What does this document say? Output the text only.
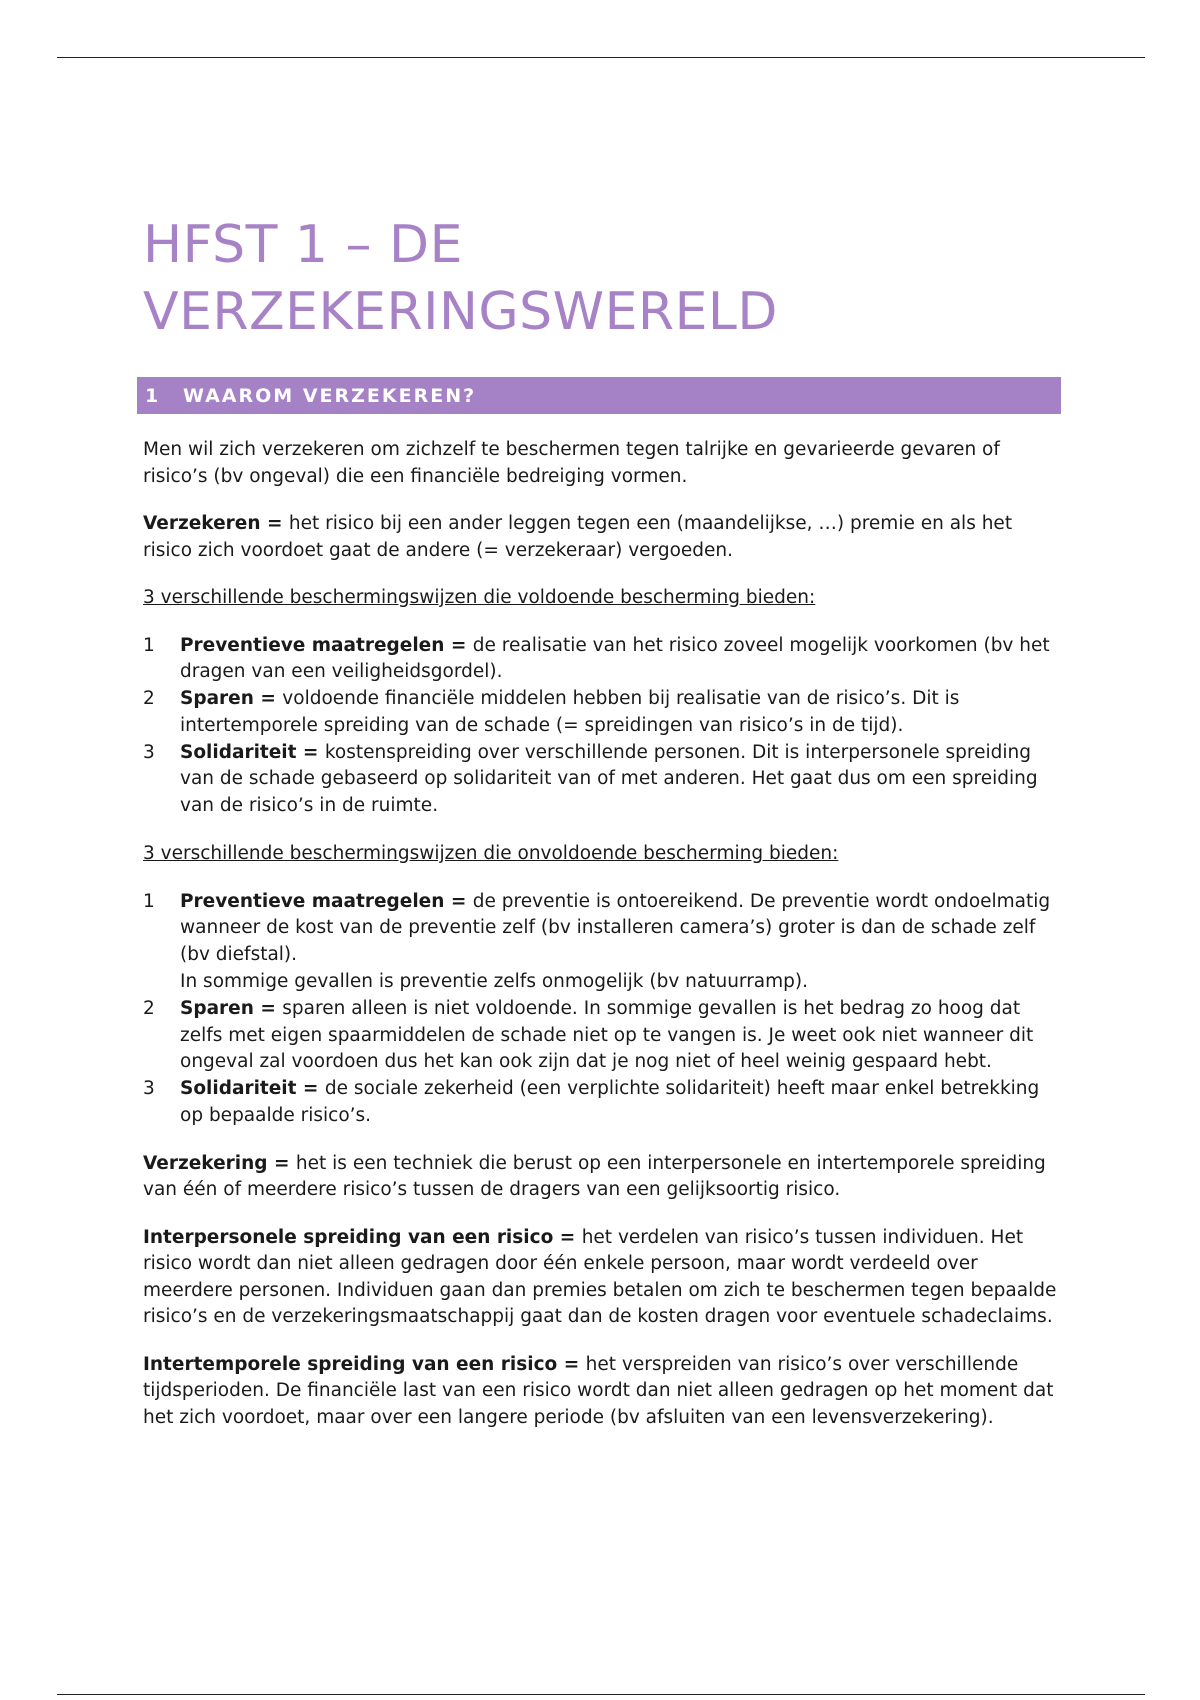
HFST 1 – DE
VERZEKERINGSWERELD
1	WAAROM VERZEKEREN?

Men wil zich verzekeren om zichzelf te beschermen tegen talrijke en gevarieerde gevaren of risico’s (bv ongeval) die een financiële bedreiging vormen.

Verzekeren = het risico bij een ander leggen tegen een (maandelijkse, …) premie en als het risico zich voordoet gaat de andere (= verzekeraar) vergoeden.

3 verschillende beschermingswijzen die voldoende bescherming bieden:

1	Preventieve maatregelen = de realisatie van het risico zoveel mogelijk voorkomen (bv het dragen van een veiligheidsgordel).
2	Sparen = voldoende financiële middelen hebben bij realisatie van de risico’s. Dit is intertemporele spreiding van de schade (= spreidingen van risico’s in de tijd).
3	Solidariteit = kostenspreiding over verschillende personen. Dit is interpersonele spreiding van de schade gebaseerd op solidariteit van of met anderen. Het gaat dus om een spreiding van de risico’s in de ruimte.

3 verschillende beschermingswijzen die onvoldoende bescherming bieden:

1	Preventieve maatregelen = de preventie is ontoereikend. De preventie wordt ondoelmatig wanneer de kost van de preventie zelf (bv installeren camera’s) groter is dan de schade zelf (bv diefstal).
In sommige gevallen is preventie zelfs onmogelijk (bv natuurramp).
2	Sparen = sparen alleen is niet voldoende. In sommige gevallen is het bedrag zo hoog dat zelfs met eigen spaarmiddelen de schade niet op te vangen is. Je weet ook niet wanneer dit ongeval zal voordoen dus het kan ook zijn dat je nog niet of heel weinig gespaard hebt.
3	Solidariteit = de sociale zekerheid (een verplichte solidariteit) heeft maar enkel betrekking op bepaalde risico’s.

Verzekering = het is een techniek die berust op een interpersonele en intertemporele spreiding van één of meerdere risico’s tussen de dragers van een gelijksoortig risico.

Interpersonele spreiding van een risico = het verdelen van risico’s tussen individuen. Het risico wordt dan niet alleen gedragen door één enkele persoon, maar wordt verdeeld over meerdere personen. Individuen gaan dan premies betalen om zich te beschermen tegen bepaalde risico’s en de verzekeringsmaatschappij gaat dan de kosten dragen voor eventuele schadeclaims.

Intertemporele spreiding van een risico = het verspreiden van risico’s over verschillende tijdsperioden. De financiële last van een risico wordt dan niet alleen gedragen op het moment dat het zich voordoet, maar over een langere periode (bv afsluiten van een levensverzekering).
